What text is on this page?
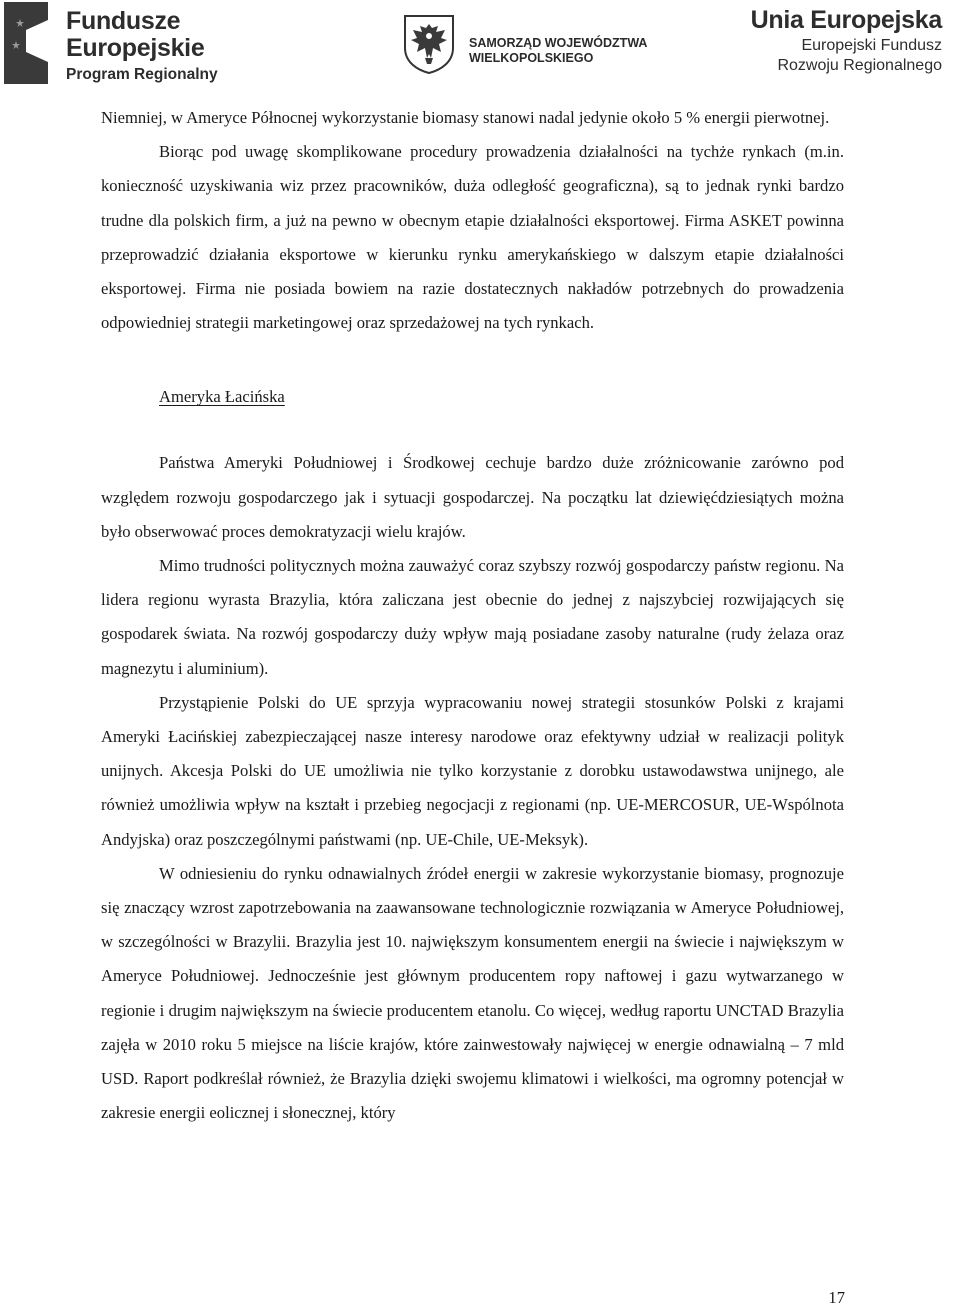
Fundusze
Europejskie
Program Regionalny
SAMORZĄD WOJEWÓDZTWA
WIELKOPOLSKIEGO
Unia Europejska
Europejski Fundusz
Rozwoju Regionalnego

Niemniej, w Ameryce Północnej wykorzystanie biomasy stanowi nadal jedynie około 5 % energii pierwotnej.

Biorąc pod uwagę skomplikowane procedury prowadzenia działalności na tychże rynkach (m.in. konieczność uzyskiwania wiz przez pracowników, duża odległość geograficzna), są to jednak rynki bardzo trudne dla polskich firm, a już na pewno w obecnym etapie działalności eksportowej. Firma ASKET powinna przeprowadzić działania eksportowe w kierunku rynku amerykańskiego w dalszym etapie działalności eksportowej. Firma nie posiada bowiem na razie dostatecznych nakładów potrzebnych do prowadzenia odpowiedniej strategii marketingowej oraz sprzedażowej na tych rynkach.

Ameryka Łacińska

Państwa Ameryki Południowej i Środkowej cechuje bardzo duże zróżnicowanie zarówno pod względem rozwoju gospodarczego jak i sytuacji gospodarczej. Na początku lat dziewięćdziesiątych można było obserwować proces demokratyzacji wielu krajów.

Mimo trudności politycznych można zauważyć coraz szybszy rozwój gospodarczy państw regionu. Na lidera regionu wyrasta Brazylia, która zaliczana jest obecnie do jednej z najszybciej rozwijających się gospodarek świata. Na rozwój gospodarczy duży wpływ mają posiadane zasoby naturalne (rudy żelaza oraz magnezytu i aluminium).

Przystąpienie Polski do UE sprzyja wypracowaniu nowej strategii stosunków Polski z krajami Ameryki Łacińskiej zabezpieczającej nasze interesy narodowe oraz efektywny udział w realizacji polityk unijnych. Akcesja Polski do UE umożliwia nie tylko korzystanie z dorobku ustawodawstwa unijnego, ale również umożliwia wpływ na kształt i przebieg negocjacji z regionami (np. UE-MERCOSUR, UE-Wspólnota Andyjska) oraz poszczególnymi państwami (np. UE-Chile, UE-Meksyk).

W odniesieniu do rynku odnawialnych źródeł energii w zakresie wykorzystanie biomasy, prognozuje się znaczący wzrost zapotrzebowania na zaawansowane technologicznie rozwiązania w Ameryce Południowej, w szczególności w Brazylii. Brazylia jest 10. największym konsumentem energii na świecie i największym w Ameryce Południowej. Jednocześnie jest głównym producentem ropy naftowej i gazu wytwarzanego w regionie i drugim największym na świecie producentem etanolu. Co więcej, według raportu UNCTAD Brazylia zajęła w 2010 roku 5 miejsce na liście krajów, które zainwestowały najwięcej w energie odnawialną – 7 mld USD. Raport podkreślał również, że Brazylia dzięki swojemu klimatowi i wielkości, ma ogromny potencjał w zakresie energii eolicznej i słonecznej, który

17
